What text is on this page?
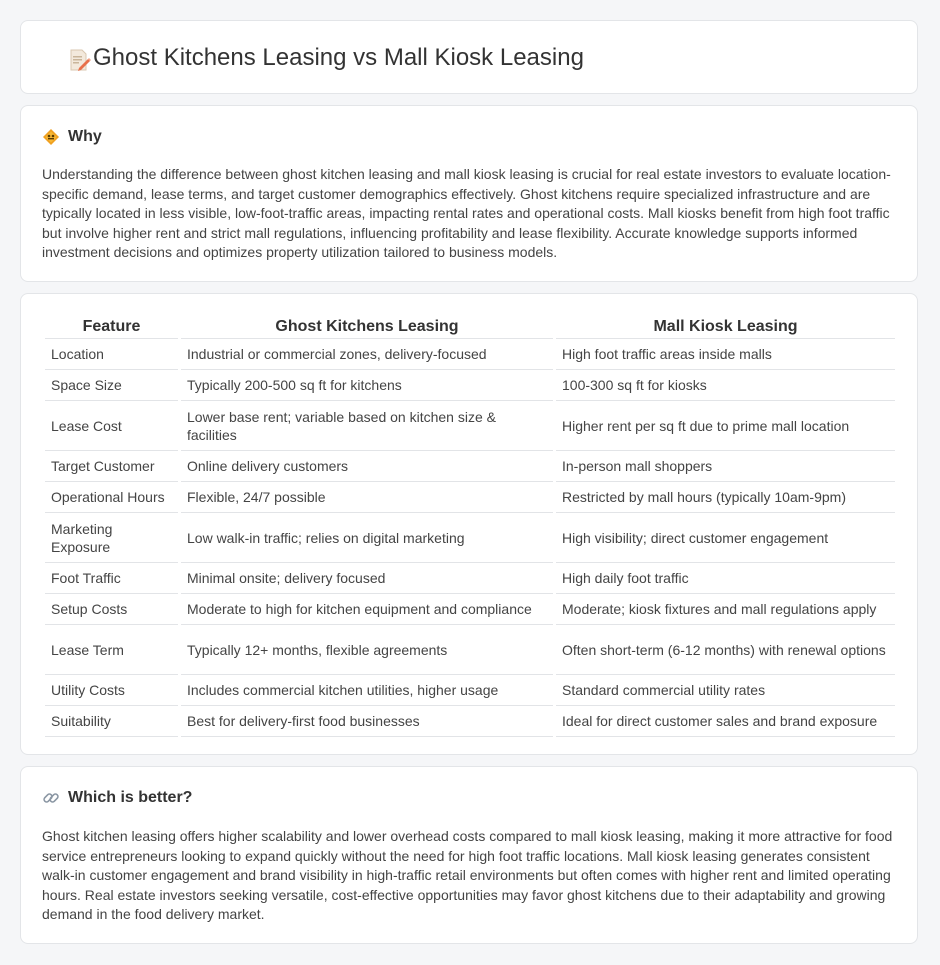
Ghost Kitchens Leasing vs Mall Kiosk Leasing
Why

Understanding the difference between ghost kitchen leasing and mall kiosk leasing is crucial for real estate investors to evaluate location-specific demand, lease terms, and target customer demographics effectively. Ghost kitchens require specialized infrastructure and are typically located in less visible, low-foot-traffic areas, impacting rental rates and operational costs. Mall kiosks benefit from high foot traffic but involve higher rent and strict mall regulations, influencing profitability and lease flexibility. Accurate knowledge supports informed investment decisions and optimizes property utilization tailored to business models.

Feature	Ghost Kitchens Leasing	Mall Kiosk Leasing
Location	Industrial or commercial zones, delivery-focused	High foot traffic areas inside malls
Space Size	Typically 200-500 sq ft for kitchens	100-300 sq ft for kiosks
Lease Cost	Lower base rent; variable based on kitchen size & facilities	Higher rent per sq ft due to prime mall location
Target Customer	Online delivery customers	In-person mall shoppers
Operational Hours	Flexible, 24/7 possible	Restricted by mall hours (typically 10am-9pm)
Marketing Exposure	Low walk-in traffic; relies on digital marketing	High visibility; direct customer engagement
Foot Traffic	Minimal onsite; delivery focused	High daily foot traffic
Setup Costs	Moderate to high for kitchen equipment and compliance	Moderate; kiosk fixtures and mall regulations apply
Lease Term	Typically 12+ months, flexible agreements	Often short-term (6-12 months) with renewal options
Utility Costs	Includes commercial kitchen utilities, higher usage	Standard commercial utility rates
Suitability	Best for delivery-first food businesses	Ideal for direct customer sales and brand exposure
Which is better?

Ghost kitchen leasing offers higher scalability and lower overhead costs compared to mall kiosk leasing, making it more attractive for food service entrepreneurs looking to expand quickly without the need for high foot traffic locations. Mall kiosk leasing generates consistent walk-in customer engagement and brand visibility in high-traffic retail environments but often comes with higher rent and limited operating hours. Real estate investors seeking versatile, cost-effective opportunities may favor ghost kitchens due to their adaptability and growing demand in the food delivery market.
